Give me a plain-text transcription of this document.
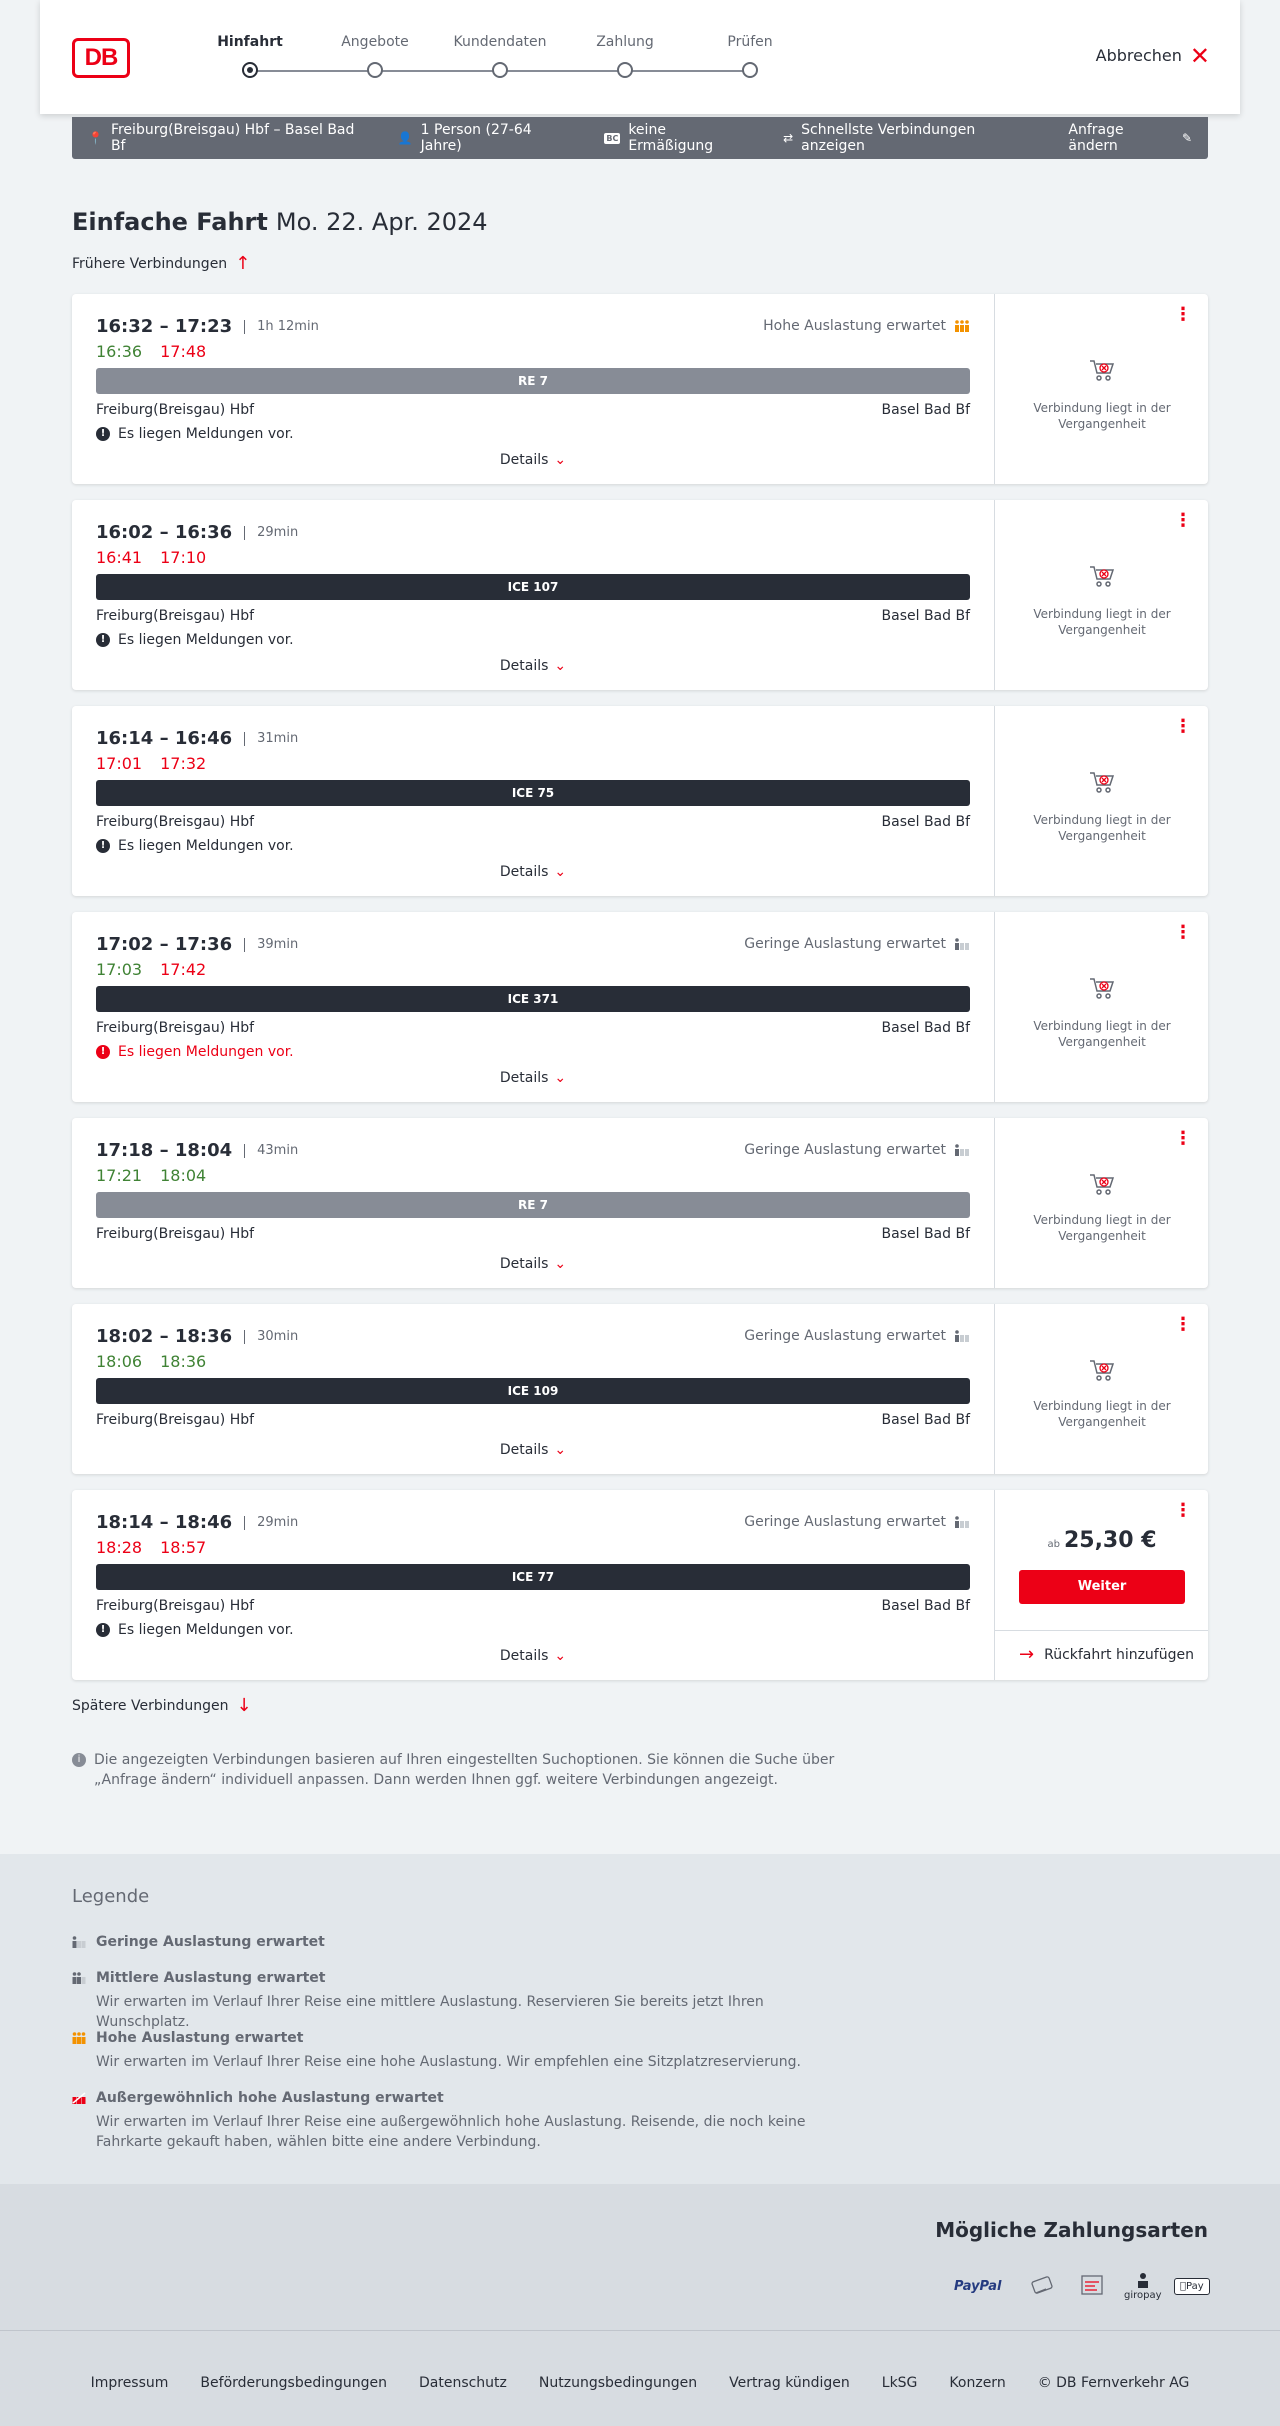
DB
Hinfahrt	Angebote	Kundendaten	Zahlung	Prüfen
Abbrechen ✕
📍 Freiburg(Breisgau) Hbf – Basel Bad Bf	👤 1 Person (27-64 Jahre)	BC keine Ermäßigung	⇄ Schnellste Verbindungen anzeigen
Anfrage ändern	✎
Einfache Fahrt Mo. 22. Apr. 2024
Frühere Verbindungen ↑
16:32 – 17:23	1h 12min
16:36 17:48
Hohe Auslastung erwartet
RE 7
Freiburg(Breisgau) Hbf	Basel Bad Bf
! Es liegen Meldungen vor.
Details ⌄
⋮
Verbindung liegt in der Vergangenheit
16:02 – 16:36	29min
16:41 17:10
ICE 107
Freiburg(Breisgau) Hbf	Basel Bad Bf
! Es liegen Meldungen vor.
Details ⌄
⋮
Verbindung liegt in der Vergangenheit
16:14 – 16:46	31min
17:01 17:32
ICE 75
Freiburg(Breisgau) Hbf	Basel Bad Bf
! Es liegen Meldungen vor.
Details ⌄
⋮
Verbindung liegt in der Vergangenheit
17:02 – 17:36	39min
17:03 17:42
Geringe Auslastung erwartet
ICE 371
Freiburg(Breisgau) Hbf	Basel Bad Bf
! Es liegen Meldungen vor.
Details ⌄
⋮
Verbindung liegt in der Vergangenheit
17:18 – 18:04	43min
17:21 18:04
Geringe Auslastung erwartet
RE 7
Freiburg(Breisgau) Hbf	Basel Bad Bf
Details ⌄
⋮
Verbindung liegt in der Vergangenheit
18:02 – 18:36	30min
18:06 18:36
Geringe Auslastung erwartet
ICE 109
Freiburg(Breisgau) Hbf	Basel Bad Bf
Details ⌄
⋮
Verbindung liegt in der Vergangenheit
18:14 – 18:46	29min
18:28 18:57
Geringe Auslastung erwartet
ICE 77
Freiburg(Breisgau) Hbf	Basel Bad Bf
! Es liegen Meldungen vor.
Details ⌄
⋮
ab 25,30 €
Weiter
→ Rückfahrt hinzufügen
Spätere Verbindungen ↓
i Die angezeigten Verbindungen basieren auf Ihren eingestellten Suchoptionen. Sie können die Suche über „Anfrage ändern“ individuell anpassen. Dann werden Ihnen ggf. weitere Verbindungen angezeigt.
Legende
Geringe Auslastung erwartet
Mittlere Auslastung erwartet
Wir erwarten im Verlauf Ihrer Reise eine mittlere Auslastung. Reservieren Sie bereits jetzt Ihren Wunschplatz.
Hohe Auslastung erwartet
Wir erwarten im Verlauf Ihrer Reise eine hohe Auslastung. Wir empfehlen eine Sitzplatzreservierung.
Außergewöhnlich hohe Auslastung erwartet
Wir erwarten im Verlauf Ihrer Reise eine außergewöhnlich hohe Auslastung. Reisende, die noch keine Fahrkarte gekauft haben, wählen bitte eine andere Verbindung.
Mögliche Zahlungsarten
PayPal
giropay
Pay
Impressum Beförderungsbedingungen Datenschutz Nutzungsbedingungen Vertrag kündigen LkSG Konzern © DB Fernverkehr AG
